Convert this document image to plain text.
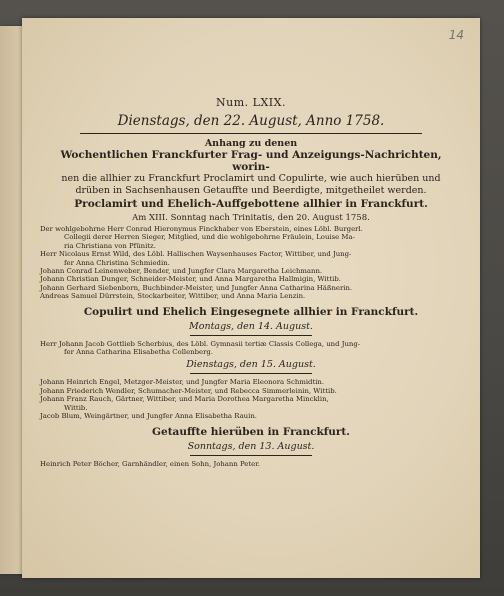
14
Num. LXIX.
Dienstags, den 22. August, Anno 1758.
Anhang zu denen
Wochentlichen Franckfurter Frag- und Anzeigungs-Nachrichten, worin-
nen die allhier zu Franckfurt Proclamirt und Copulirte, wie auch hierüben und
drüben in Sachsenhausen Getauffte und Beerdigte, mitgetheilet werden.
Proclamirt und Ehelich-Auffgebottene allhier in Franckfurt.
Am XIII. Sonntag nach Trinitatis, den 20. August 1758.
Der wohlgebohrne Herr Conrad Hieronymus Finckhaber von Eberstein, eines Löbl. Burgerl.
Collegii derer Herren Sieger, Mitglied, und die wohlgebohrne Fräulein, Louise Ma-
ria Christiana von Pfünitz.
Herr Nicolaus Ernst Wild, des Löbl. Hallischen Waysenhauses Factor, Wittiber, und Jung-
fer Anna Christina Schmiedin.
Johann Conrad Leinenweber, Bender, und Jungfer Clara Margaretha Leichmann.
Johann Christian Dunger, Schneider-Meister, und Anna Margaretha Hallmigin, Wittib.
Johann Gerhard Siebenborn, Buchbinder-Meister, und Jungfer Anna Catharina Häßnerin.
Andreas Samuel Dürrstein, Stockarbeiter, Wittiber, und Anna Maria Lenzin.
Copulirt und Ehelich Eingesegnete allhier in Franckfurt.
Montags, den 14. August.
Herr Johann Jacob Gottlieb Scherbius, des Löbl. Gymnasii tertiæ Classis Collega, und Jung-
fer Anna Catharina Elisabetha Collenberg.
Dienstags, den 15. August.
Johann Heinrich Engel, Metzger-Meister, und Jungfer Maria Eleonora Schmidtin.
Johann Friederich Wendler, Schumacher-Meister, und Rebecca Simmerleinin, Wittib.
Johann Franz Rauch, Gärtner, Wittiber, und Maria Dorothea Margaretha Mincklin,
Wittib.
Jacob Blum, Weingärtner, und Jungfer Anna Elisabetha Rauin.
Getauffte hierüben in Franckfurt.
Sonntags, den 13. August.
Heinrich Peter Böcher, Garnhändler, einen Sohn, Johann Peter.
